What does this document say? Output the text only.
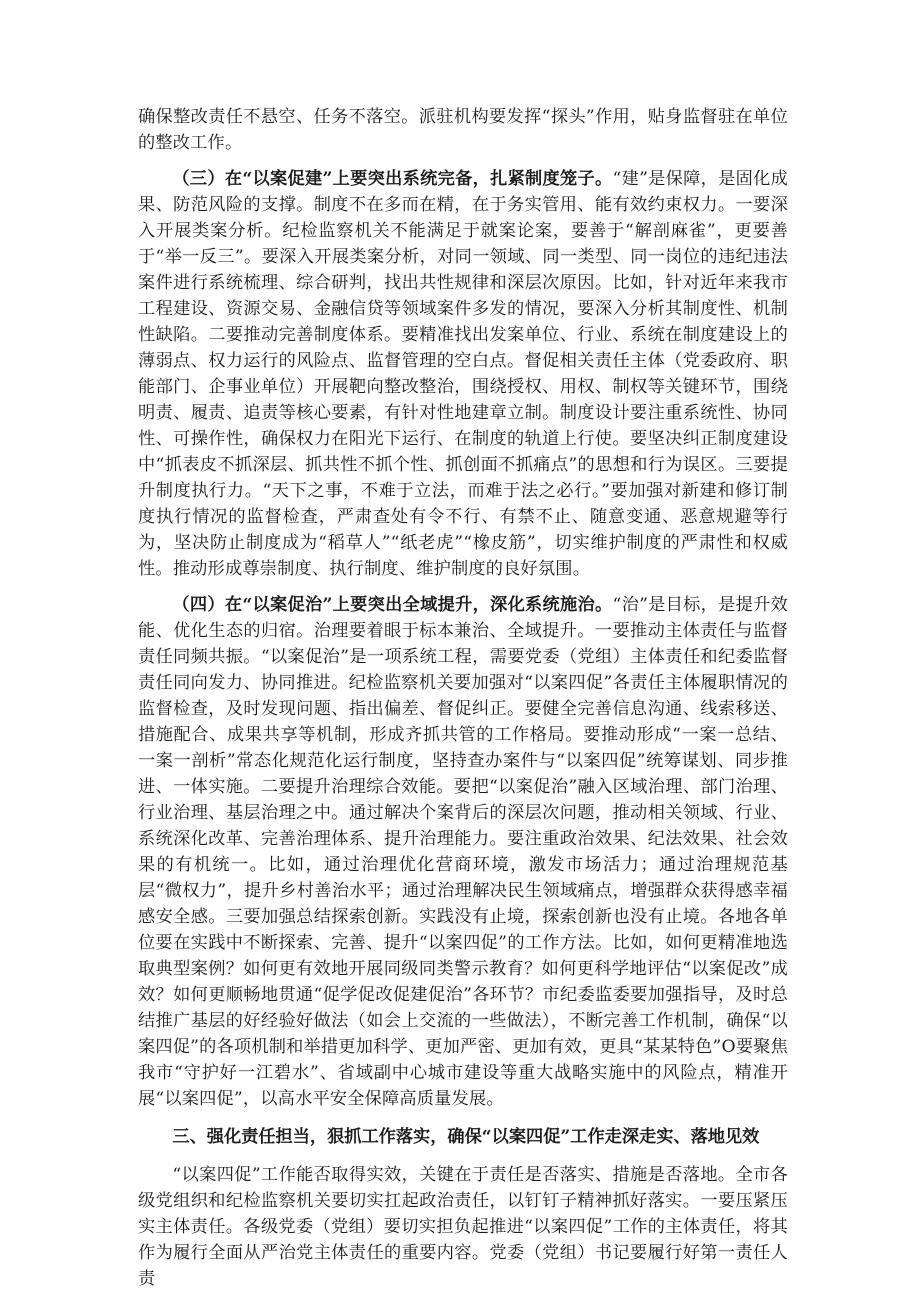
确保整改责任不悬空、任务不落空。派驻机构要发挥“探头”作用，贴身监督驻在单位的整改工作。

（三）在“以案促建”上要突出系统完备，扎紧制度笼子。“建”是保障，是固化成果、防范风险的支撑。制度不在多而在精，在于务实管用、能有效约束权力。一要深入开展类案分析。纪检监察机关不能满足于就案论案，要善于“解剖麻雀”，更要善于“举一反三”。要深入开展类案分析，对同一领域、同一类型、同一岗位的违纪违法案件进行系统梳理、综合研判，找出共性规律和深层次原因。比如，针对近年来我市工程建设、资源交易、金融信贷等领域案件多发的情况，要深入分析其制度性、机制性缺陷。二要推动完善制度体系。要精准找出发案单位、行业、系统在制度建设上的薄弱点、权力运行的风险点、监督管理的空白点。督促相关责任主体（党委政府、职能部门、企事业单位）开展靶向整改整治，围绕授权、用权、制权等关键环节，围绕明责、履责、追责等核心要素，有针对性地建章立制。制度设计要注重系统性、协同性、可操作性，确保权力在阳光下运行、在制度的轨道上行使。要坚决纠正制度建设中“抓表皮不抓深层、抓共性不抓个性、抓创面不抓痛点”的思想和行为误区。三要提升制度执行力。“天下之事，不难于立法，而难于法之必行。”要加强对新建和修订制度执行情况的监督检查，严肃查处有令不行、有禁不止、随意变通、恶意规避等行为，坚决防止制度成为“稻草人”“纸老虎”“橡皮筋”，切实维护制度的严肃性和权威性。推动形成尊崇制度、执行制度、维护制度的良好氛围。

（四）在“以案促治”上要突出全域提升，深化系统施治。“治”是目标，是提升效能、优化生态的归宿。治理要着眼于标本兼治、全域提升。一要推动主体责任与监督责任同频共振。“以案促治”是一项系统工程，需要党委（党组）主体责任和纪委监督责任同向发力、协同推进。纪检监察机关要加强对“以案四促”各责任主体履职情况的监督检查，及时发现问题、指出偏差、督促纠正。要健全完善信息沟通、线索移送、措施配合、成果共享等机制，形成齐抓共管的工作格局。要推动形成“一案一总结、一案一剖析”常态化规范化运行制度，坚持查办案件与“以案四促”统筹谋划、同步推进、一体实施。二要提升治理综合效能。要把“以案促治”融入区域治理、部门治理、行业治理、基层治理之中。通过解决个案背后的深层次问题，推动相关领域、行业、系统深化改革、完善治理体系、提升治理能力。要注重政治效果、纪法效果、社会效果的有机统一。比如，通过治理优化营商环境，激发市场活力；通过治理规范基层“微权力”，提升乡村善治水平；通过治理解决民生领域痛点，增强群众获得感幸福感安全感。三要加强总结探索创新。实践没有止境，探索创新也没有止境。各地各单位要在实践中不断探索、完善、提升“以案四促”的工作方法。比如，如何更精准地选取典型案例？如何更有效地开展同级同类警示教育？如何更科学地评估“以案促改”成效？如何更顺畅地贯通“促学促改促建促治”各环节？市纪委监委要加强指导，及时总结推广基层的好经验好做法（如会上交流的一些做法），不断完善工作机制，确保“以案四促”的各项机制和举措更加科学、更加严密、更加有效，更具“某某特色”O要聚焦我市“守护好一江碧水”、省域副中心城市建设等重大战略实施中的风险点，精准开展“以案四促”，以高水平安全保障高质量发展。

三、强化责任担当，狠抓工作落实，确保“以案四促”工作走深走实、落地见效

“以案四促”工作能否取得实效，关键在于责任是否落实、措施是否落地。全市各级党组织和纪检监察机关要切实扛起政治责任，以钉钉子精神抓好落实。一要压紧压实主体责任。各级党委（党组）要切实担负起推进“以案四促”工作的主体责任，将其作为履行全面从严治党主体责任的重要内容。党委（党组）书记要履行好第一责任人责
